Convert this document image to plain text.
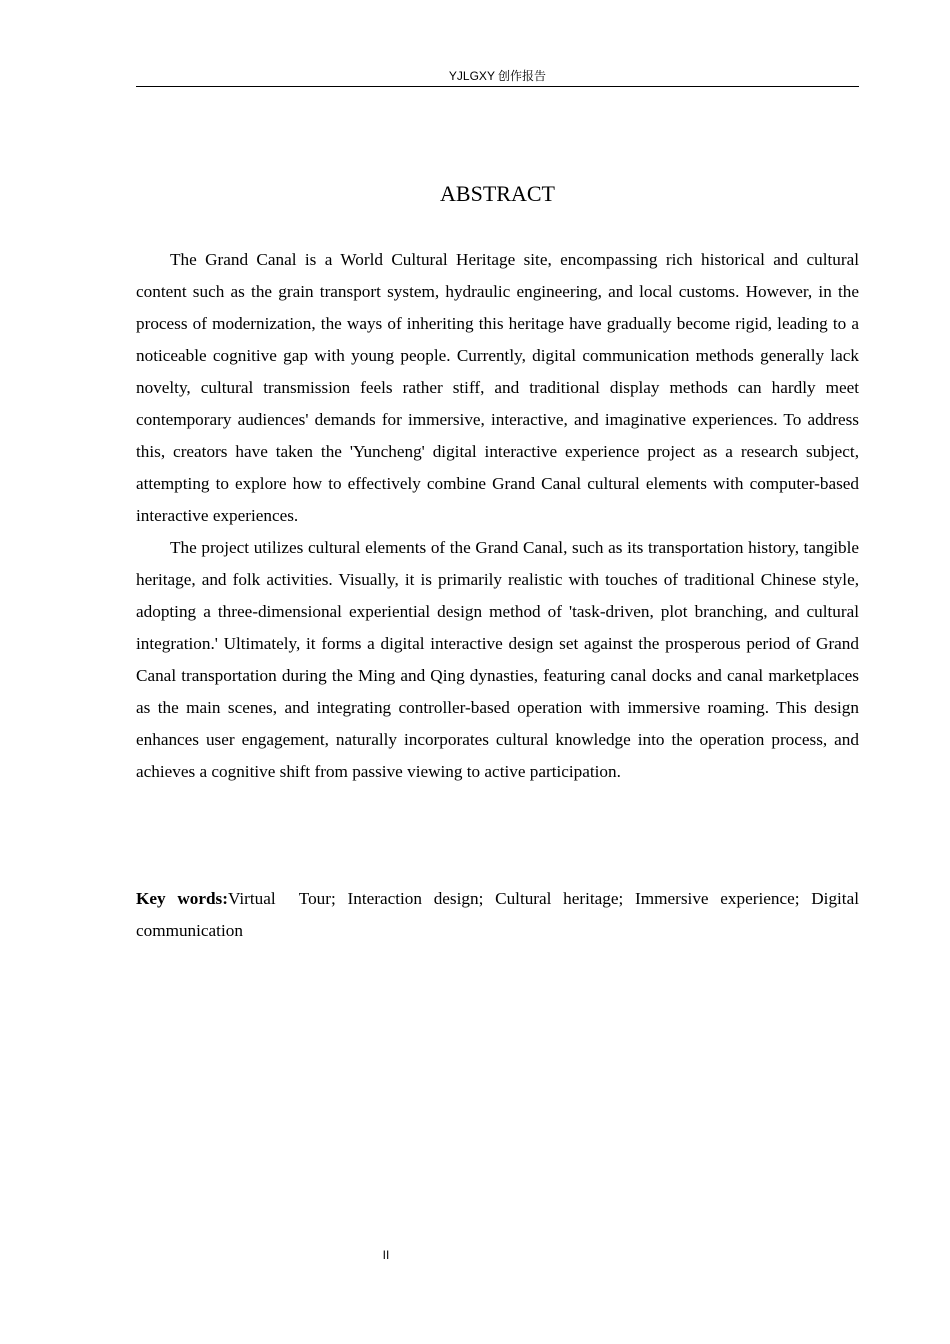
YJLGXY 创作报告
ABSTRACT

The Grand Canal is a World Cultural Heritage site, encompassing rich historical and cultural content such as the grain transport system, hydraulic engineering, and local customs. However, in the process of modernization, the ways of inheriting this heritage have gradually become rigid, leading to a noticeable cognitive gap with young people. Currently, digital communication methods generally lack novelty, cultural transmission feels rather stiff, and traditional display methods can hardly meet contemporary audiences' demands for immersive, interactive, and imaginative experiences. To address this, creators have taken the 'Yuncheng' digital interactive experience project as a research subject, attempting to explore how to effectively combine Grand Canal cultural elements with computer-based interactive experiences.

The project utilizes cultural elements of the Grand Canal, such as its transportation history, tangible heritage, and folk activities. Visually, it is primarily realistic with touches of traditional Chinese style, adopting a three-dimensional experiential design method of 'task-driven, plot branching, and cultural integration.' Ultimately, it forms a digital interactive design set against the prosperous period of Grand Canal transportation during the Ming and Qing dynasties, featuring canal docks and canal marketplaces as the main scenes, and integrating controller-based operation with immersive roaming. This design enhances user engagement, naturally incorporates cultural knowledge into the operation process, and achieves a cognitive shift from passive viewing to active participation.

Key words:Virtual  Tour; Interaction design; Cultural heritage; Immersive experience; Digital communication

II
